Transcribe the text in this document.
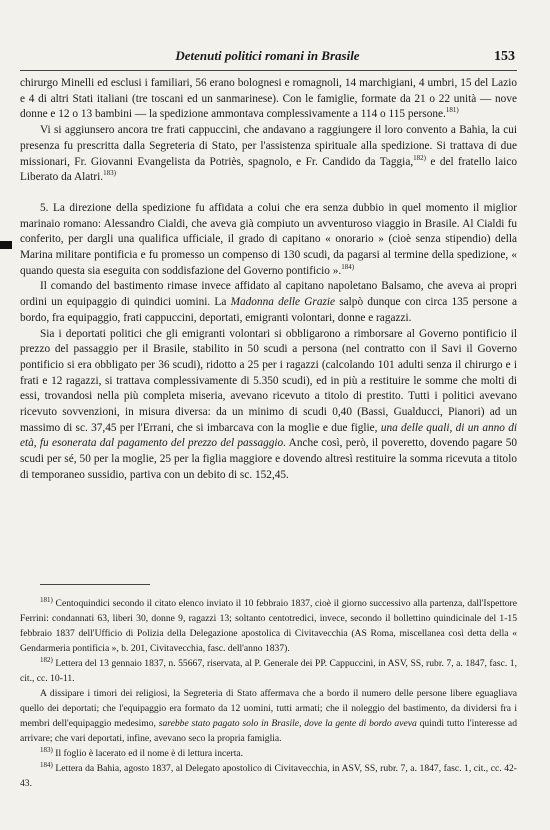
Detenuti politici romani in Brasile	153

chirurgo Minelli ed esclusi i familiari, 56 erano bolognesi e romagnoli, 14 marchigiani, 4 umbri, 15 del Lazio e 4 di altri Stati italiani (tre toscani ed un sanmarinese). Con le famiglie, formate da 21 o 22 unità — nove donne e 12 o 13 bambini — la spedizione ammontava complessivamente a 114 o 115 persone.$^{181)}$

Vi si aggiunsero ancora tre frati cappuccini, che andavano a raggiungere il loro convento a Bahia, la cui presenza fu prescritta dalla Segreteria di Stato, per l'assistenza spirituale alla spedizione. Si trattava di due missionari, Fr. Giovanni Evangelista da Potriès, spagnolo, e Fr. Candido da Taggia,$^{182)}$ e del fratello laico Liberato da Alatri.$^{183)}$

5. La direzione della spedizione fu affidata a colui che era senza dubbio in quel momento il miglior marinaio romano: Alessandro Cialdi, che aveva già compiuto un avventuroso viaggio in Brasile. Al Cialdi fu conferito, per dargli una qualifica ufficiale, il grado di capitano « onorario » (cioè senza stipendio) della Marina militare pontificia e fu promesso un compenso di 130 scudi, da pagarsi al termine della spedizione, « quando questa sia eseguita con soddisfazione del Governo pontificio ».$^{184)}$

Il comando del bastimento rimase invece affidato al capitano napoletano Balsamo, che aveva ai propri ordini un equipaggio di quindici uomini. La Madonna delle Grazie salpò dunque con circa 135 persone a bordo, fra equipaggio, frati cappuccini, deportati, emigranti volontari, donne e ragazzi.

Sia i deportati politici che gli emigranti volontari si obbligarono a rimborsare al Governo pontificio il prezzo del passaggio per il Brasile, stabilito in 50 scudi a persona (nel contratto con il Savi il Governo pontificio si era obbligato per 36 scudi), ridotto a 25 per i ragazzi (calcolando 101 adulti senza il chirurgo e i frati e 12 ragazzi, si trattava complessivamente di 5.350 scudi), ed in più a restituire le somme che molti di essi, trovandosi nella più completa miseria, avevano ricevuto a titolo di prestito. Tutti i politici avevano ricevuto sovvenzioni, in misura diversa: da un minimo di scudi 0,40 (Bassi, Gualducci, Pianori) ad un massimo di sc. 37,45 per l'Errani, che si imbarcava con la moglie e due figlie, una delle quali, di un anno di età, fu esonerata dal pagamento del prezzo del passaggio. Anche così, però, il poveretto, dovendo pagare 50 scudi per sé, 50 per la moglie, 25 per la figlia maggiore e dovendo altresì restituire la somma ricevuta a titolo di temporaneo sussidio, partiva con un debito di sc. 152,45.

$^{181)}$ Centoquindici secondo il citato elenco inviato il 10 febbraio 1837, cioè il giorno successivo alla partenza, dall'Ispettore Ferrini: condannati 63, liberi 30, donne 9, ragazzi 13; soltanto centotredici, invece, secondo il bollettino quindicinale del 1-15 febbraio 1837 dell'Ufficio di Polizia della Delegazione apostolica di Civitavecchia (AS Roma, miscellanea così detta della « Gendarmeria pontificia », b. 201, Civitavecchia, fasc. dell'anno 1837).

$^{182)}$ Lettera del 13 gennaio 1837, n. 55667, riservata, al P. Generale dei PP. Cappuccini, in ASV, SS, rubr. 7, a. 1847, fasc. 1, cit., cc. 10-11.

A dissipare i timori dei religiosi, la Segreteria di Stato affermava che a bordo il numero delle persone libere eguagliava quello dei deportati; che l'equipaggio era formato da 12 uomini, tutti armati; che il noleggio del bastimento, da dividersi fra i membri dell'equipaggio medesimo, sarebbe stato pagato solo in Brasile, dove la gente di bordo aveva quindi tutto l'interesse ad arrivare; che vari deportati, infine, avevano seco la propria famiglia.

$^{183)}$ Il foglio è lacerato ed il nome è di lettura incerta.

$^{184)}$ Lettera da Bahia, agosto 1837, al Delegato apostolico di Civitavecchia, in ASV, SS, rubr. 7, a. 1847, fasc. 1, cit., cc. 42-43.
